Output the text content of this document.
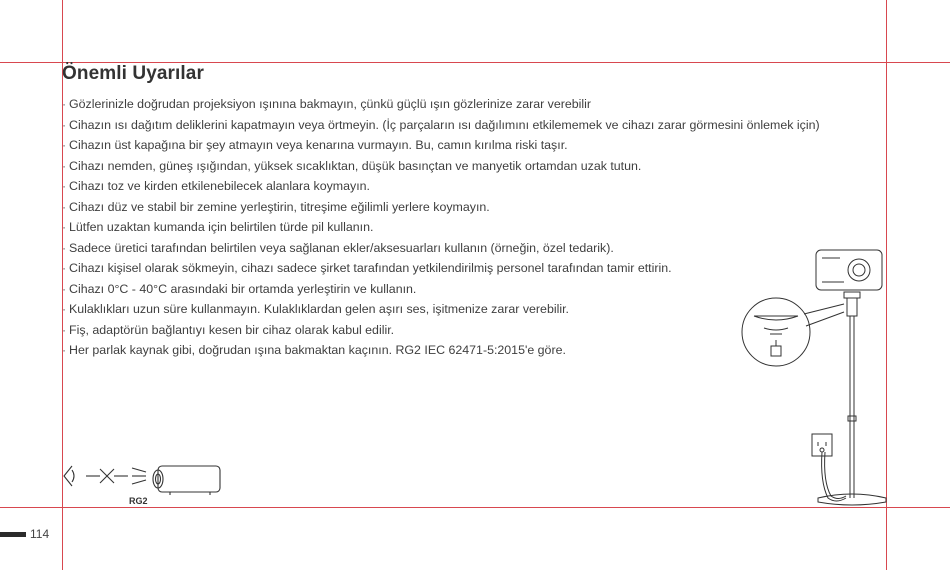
Önemli Uyarılar
· Gözlerinizle doğrudan projeksiyon ışınına bakmayın, çünkü güçlü ışın gözlerinize zarar verebilir
· Cihazın ısı dağıtım deliklerini kapatmayın veya örtmeyin. (İç parçaların ısı dağılımını etkilememek ve cihazı zarar görmesini önlemek için)
· Cihazın üst kapağına bir şey atmayın veya kenarına vurmayın. Bu, camın kırılma riski taşır.
· Cihazı nemden, güneş ışığından, yüksek sıcaklıktan, düşük basınçtan ve manyetik ortamdan uzak tutun.
· Cihazı toz ve kirden etkilenebilecek alanlara koymayın.
· Cihazı düz ve stabil bir zemine yerleştirin, titreşime eğilimli yerlere koymayın.
· Lütfen uzaktan kumanda için belirtilen türde pil kullanın.
· Sadece üretici tarafından belirtilen veya sağlanan ekler/aksesuarları kullanın (örneğin, özel tedarik).
· Cihazı kişisel olarak sökmeyin, cihazı sadece şirket tarafından yetkilendirilmiş personel tarafından tamir ettirin.
· Cihazı 0°C - 40°C arasındaki bir ortamda yerleştirin ve kullanın.
· Kulaklıkları uzun süre kullanmayın. Kulaklıklardan gelen aşırı ses, işitmenize zarar verebilir.
· Fiş, adaptörün bağlantıyı kesen bir cihaz olarak kabul edilir.
· Her parlak kaynak gibi, doğrudan ışına bakmaktan kaçının. RG2 IEC 62471-5:2015'e göre.
RG2
114
